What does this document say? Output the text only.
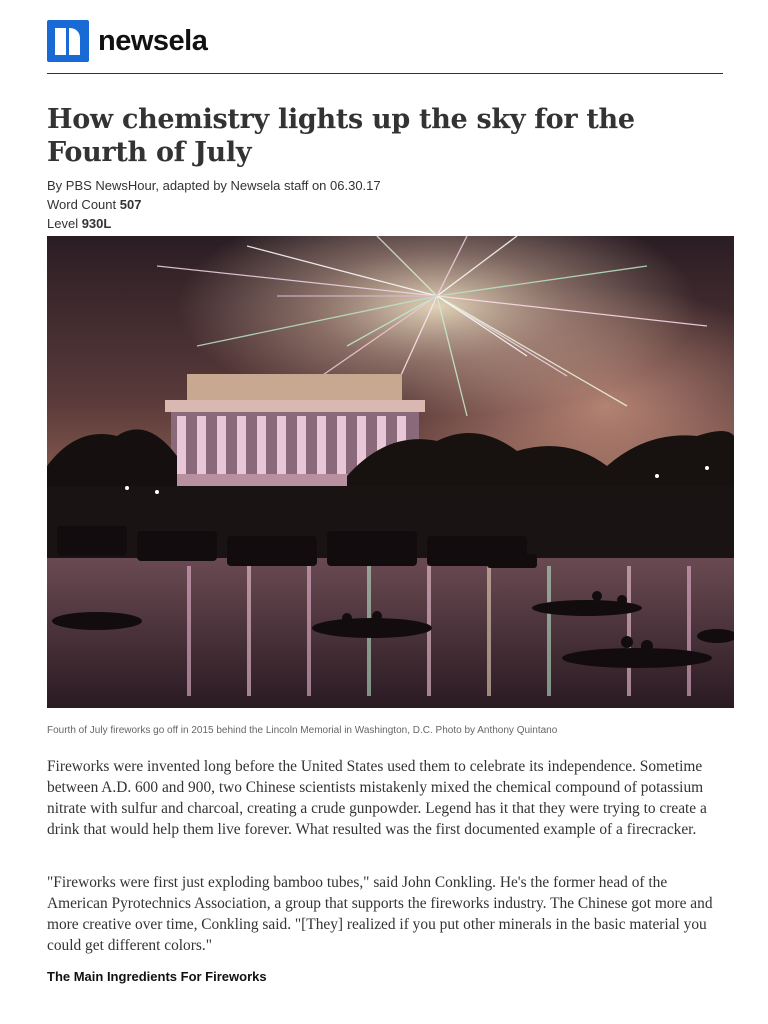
newsela
How chemistry lights up the sky for the Fourth of July
By PBS NewsHour, adapted by Newsela staff on 06.30.17
Word Count 507
Level 930L
Fourth of July fireworks go off in 2015 behind the Lincoln Memorial in Washington, D.C. Photo by Anthony Quintano

Fireworks were invented long before the United States used them to celebrate its independence. Sometime between A.D. 600 and 900, two Chinese scientists mistakenly mixed the chemical compound of potassium nitrate with sulfur and charcoal, creating a crude gunpowder. Legend has it that they were trying to create a drink that would help them live forever. What resulted was the first documented example of a firecracker.

"Fireworks were first just exploding bamboo tubes," said John Conkling. He's the former head of the American Pyrotechnics Association, a group that supports the fireworks industry. The Chinese got more and more creative over time, Conkling said. "[They] realized if you put other minerals in the basic material you could get different colors."

The Main Ingredients For Fireworks
